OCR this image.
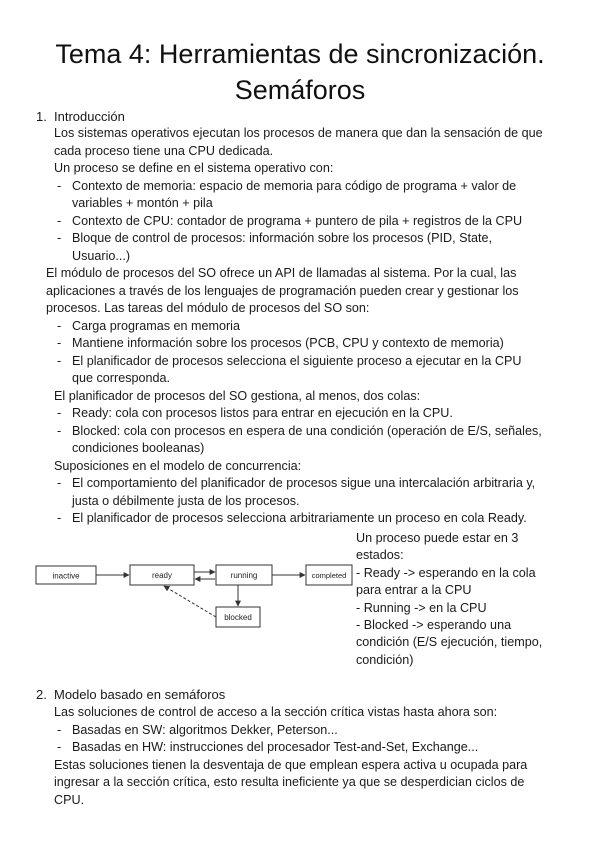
Tema 4: Herramientas de sincronización.
Semáforos
1. Introducción
Los sistemas operativos ejecutan los procesos de manera que dan la sensación de que
cada proceso tiene una CPU dedicada.
Un proceso se define en el sistema operativo con:
- Contexto de memoria: espacio de memoria para código de programa + valor de
variables + montón + pila
- Contexto de CPU: contador de programa + puntero de pila + registros de la CPU
- Bloque de control de procesos: información sobre los procesos (PID, State,
Usuario...)
El módulo de procesos del SO ofrece un API de llamadas al sistema. Por la cual, las
aplicaciones a través de los lenguajes de programación pueden crear y gestionar los
procesos. Las tareas del módulo de procesos del SO son:
- Carga programas en memoria
- Mantiene información sobre los procesos (PCB, CPU y contexto de memoria)
- El planificador de procesos selecciona el siguiente proceso a ejecutar en la CPU
que corresponda.
El planificador de procesos del SO gestiona, al menos, dos colas:
- Ready: cola con procesos listos para entrar en ejecución en la CPU.
- Blocked: cola con procesos en espera de una condición (operación de E/S, señales,
condiciones booleanas)
Suposiciones en el modelo de concurrencia:
- El comportamiento del planificador de procesos sigue una intercalación arbitraria y,
justa o débilmente justa de los procesos.
- El planificador de procesos selecciona arbitrariamente un proceso en cola Ready.
inactive	ready	running	completed
blocked
Un proceso puede estar en 3
estados:
- Ready -> esperando en la cola
para entrar a la CPU
- Running -> en la CPU
- Blocked -> esperando una
condición (E/S ejecución, tiempo,
condición)
2. Modelo basado en semáforos
Las soluciones de control de acceso a la sección crítica vistas hasta ahora son:
- Basadas en SW: algoritmos Dekker, Peterson...
- Basadas en HW: instrucciones del procesador Test-and-Set, Exchange...
Estas soluciones tienen la desventaja de que emplean espera activa u ocupada para
ingresar a la sección crítica, esto resulta ineficiente ya que se desperdician ciclos de
CPU.
